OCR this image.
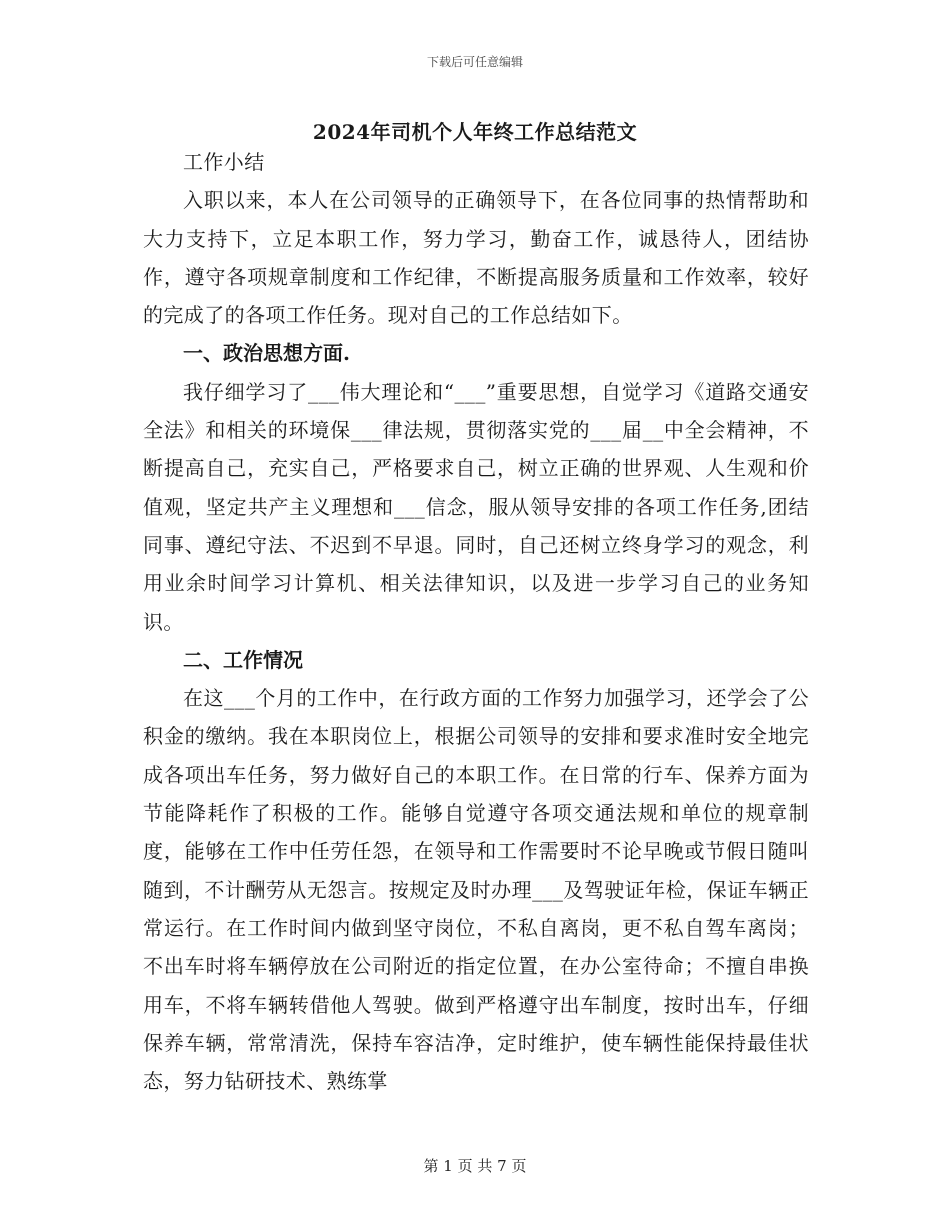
下载后可任意编辑
2024年司机个人年终工作总结范文

工作小结

入职以来，本人在公司领导的正确领导下，在各位同事的热情帮助和大力支持下，立足本职工作，努力学习，勤奋工作，诚恳待人，团结协作，遵守各项规章制度和工作纪律，不断提高服务质量和工作效率，较好的完成了的各项工作任务。现对自己的工作总结如下。

一、政治思想方面.

我仔细学习了___伟大理论和“___”重要思想，自觉学习《道路交通安全法》和相关的环境保___律法规，贯彻落实党的___届__中全会精神，不断提高自己，充实自己，严格要求自己，树立正确的世界观、人生观和价值观，坚定共产主义理想和___信念，服从领导安排的各项工作任务,团结同事、遵纪守法、不迟到不早退。同时，自己还树立终身学习的观念，利用业余时间学习计算机、相关法律知识，以及进一步学习自己的业务知识。

二、工作情况

在这___个月的工作中，在行政方面的工作努力加强学习，还学会了公积金的缴纳。我在本职岗位上，根据公司领导的安排和要求准时安全地完成各项出车任务，努力做好自己的本职工作。在日常的行车、保养方面为节能降耗作了积极的工作。能够自觉遵守各项交通法规和单位的规章制度，能够在工作中任劳任怨，在领导和工作需要时不论早晚或节假日随叫随到，不计酬劳从无怨言。按规定及时办理___及驾驶证年检，保证车辆正常运行。在工作时间内做到坚守岗位，不私自离岗，更不私自驾车离岗；不出车时将车辆停放在公司附近的指定位置，在办公室待命；不擅自串换用车，不将车辆转借他人驾驶。做到严格遵守出车制度，按时出车，仔细保养车辆，常常清洗，保持车容洁净，定时维护，使车辆性能保持最佳状态，努力钻研技术、熟练掌

第 1 页 共 7 页
